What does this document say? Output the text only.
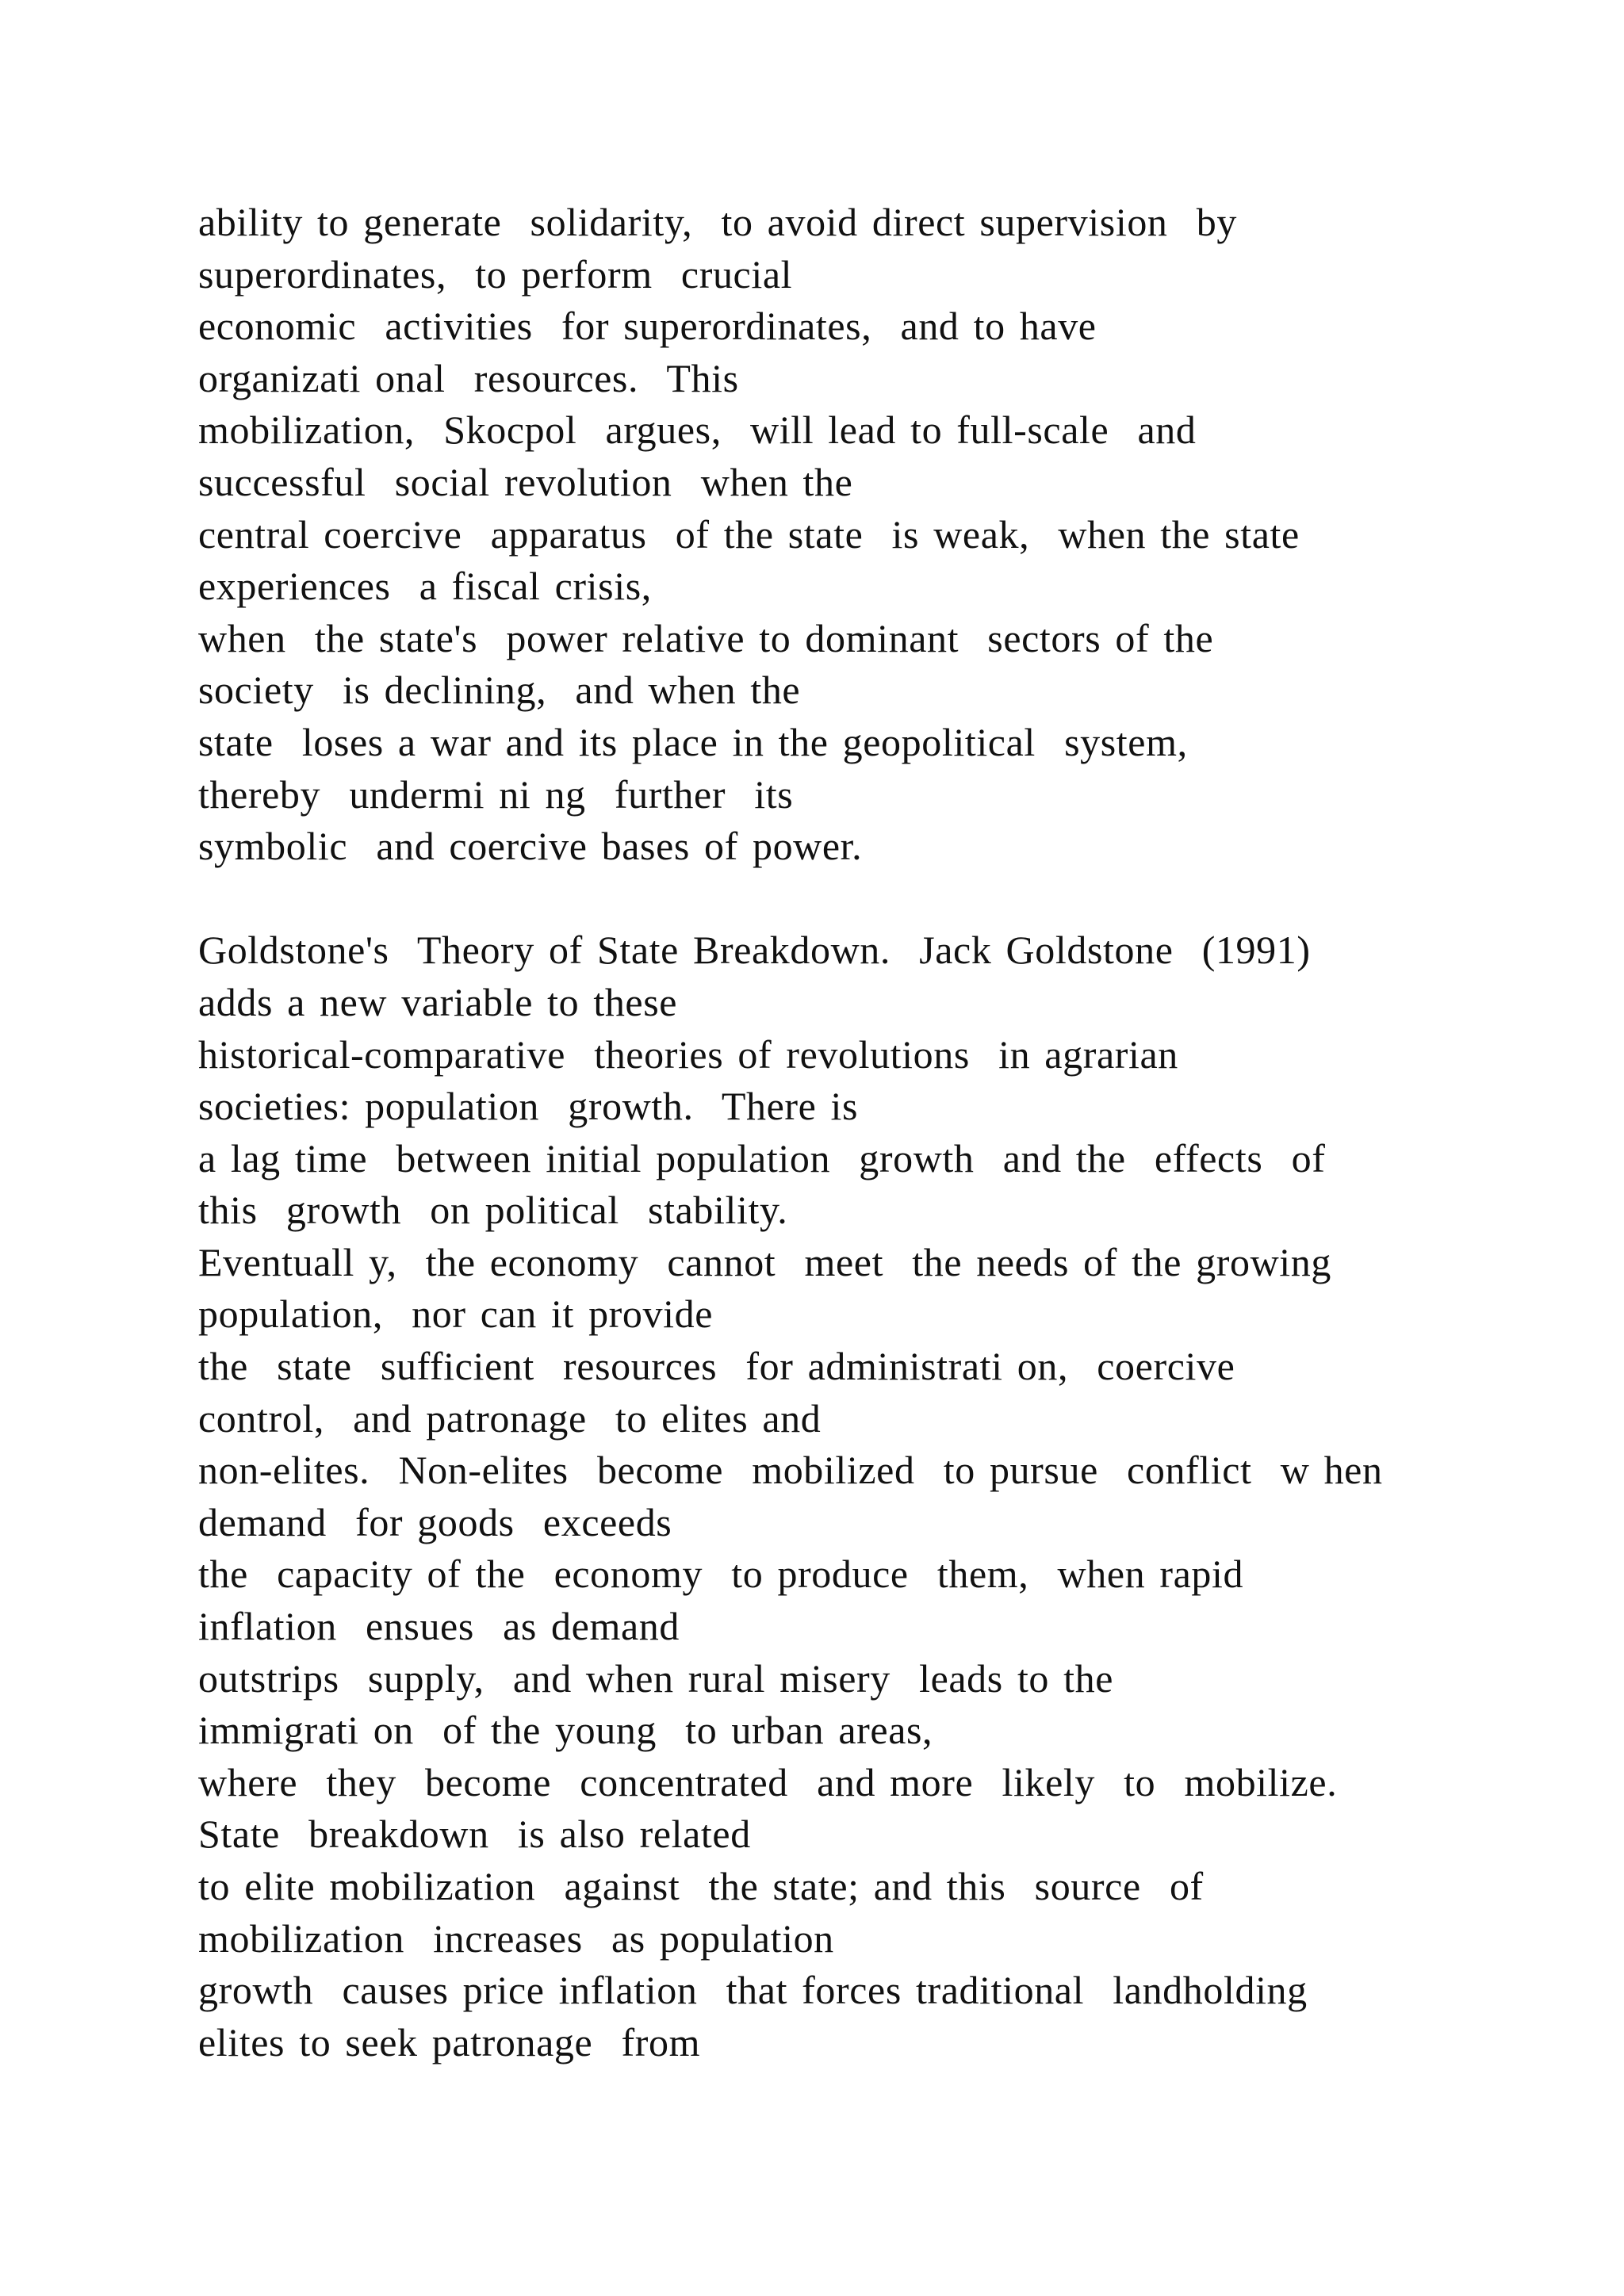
ability to generate  solidarity,  to avoid direct supervision  by
superordinates,  to perform  crucial
economic  activities  for superordinates,  and to have
organizati onal  resources.  This
mobilization,  Skocpol  argues,  will lead to full-scale  and
successful  social revolution  when the
central coercive  apparatus  of the state  is weak,  when the state
experiences  a fiscal crisis,
when  the state's  power relative to dominant  sectors of the
society  is declining,  and when the
state  loses a war and its place in the geopolitical  system,
thereby  undermi ni ng  further  its
symbolic  and coercive bases of power.
Goldstone's  Theory of State Breakdown.  Jack Goldstone  (1991)
adds a new variable to these
historical-comparative  theories of revolutions  in agrarian
societies: population  growth.  There is
a lag time  between initial population  growth  and the  effects  of
this  growth  on political  stability.
Eventuall y,  the economy  cannot  meet  the needs of the growing
population,  nor can it provide
the  state  sufficient  resources  for administrati on,  coercive
control,  and patronage  to elites and
non-elites.  Non-elites  become  mobilized  to pursue  conflict  w hen
demand  for goods  exceeds
the  capacity of the  economy  to produce  them,  when rapid
inflation  ensues  as demand
outstrips  supply,  and when rural misery  leads to the
immigrati on  of the young  to urban areas,
where  they  become  concentrated  and more  likely  to  mobilize.
State  breakdown  is also related
to elite mobilization  against  the state; and this  source  of
mobilization  increases  as population
growth  causes price inflation  that forces traditional  landholding
elites to seek patronage  from
